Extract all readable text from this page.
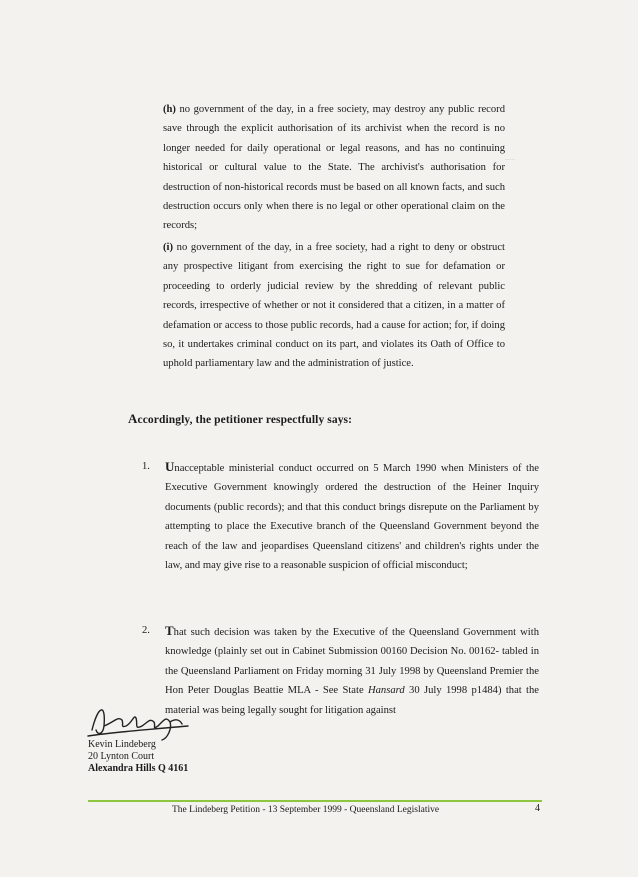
—

(h) no government of the day, in a free society, may destroy any public record save through the explicit authorisation of its archivist when the record is no longer needed for daily operational or legal reasons, and has no continuing historical or cultural value to the State. The archivist's authorisation for destruction of non-historical records must be based on all known facts, and such destruction occurs only when there is no legal or other operational claim on the records;

(i) no government of the day, in a free society, had a right to deny or obstruct any prospective litigant from exercising the right to sue for defamation or proceeding to orderly judicial review by the shredding of relevant public records, irrespective of whether or not it considered that a citizen, in a matter of defamation or access to those public records, had a cause for action; for, if doing so, it undertakes criminal conduct on its part, and violates its Oath of Office to uphold parliamentary law and the administration of justice.

Accordingly, the petitioner respectfully says:
1. Unacceptable ministerial conduct occurred on 5 March 1990 when Ministers of the Executive Government knowingly ordered the destruction of the Heiner Inquiry documents (public records); and that this conduct brings disrepute on the Parliament by attempting to place the Executive branch of the Queensland Government beyond the reach of the law and jeopardises Queensland citizens' and children's rights under the law, and may give rise to a reasonable suspicion of official misconduct;

2. That such decision was taken by the Executive of the Queensland Government with knowledge (plainly set out in Cabinet Submission 00160 Decision No. 00162- tabled in the Queensland Parliament on Friday morning 31 July 1998 by Queensland Premier the Hon Peter Douglas Beattie MLA - See State Hansard 30 July 1998 p1484) that the material was being legally sought for litigation against

Kevin Lindeberg
20 Lynton Court
Alexandra Hills Q 4161
The Lindeberg Petition - 13 September 1999 - Queensland Legislative	4
